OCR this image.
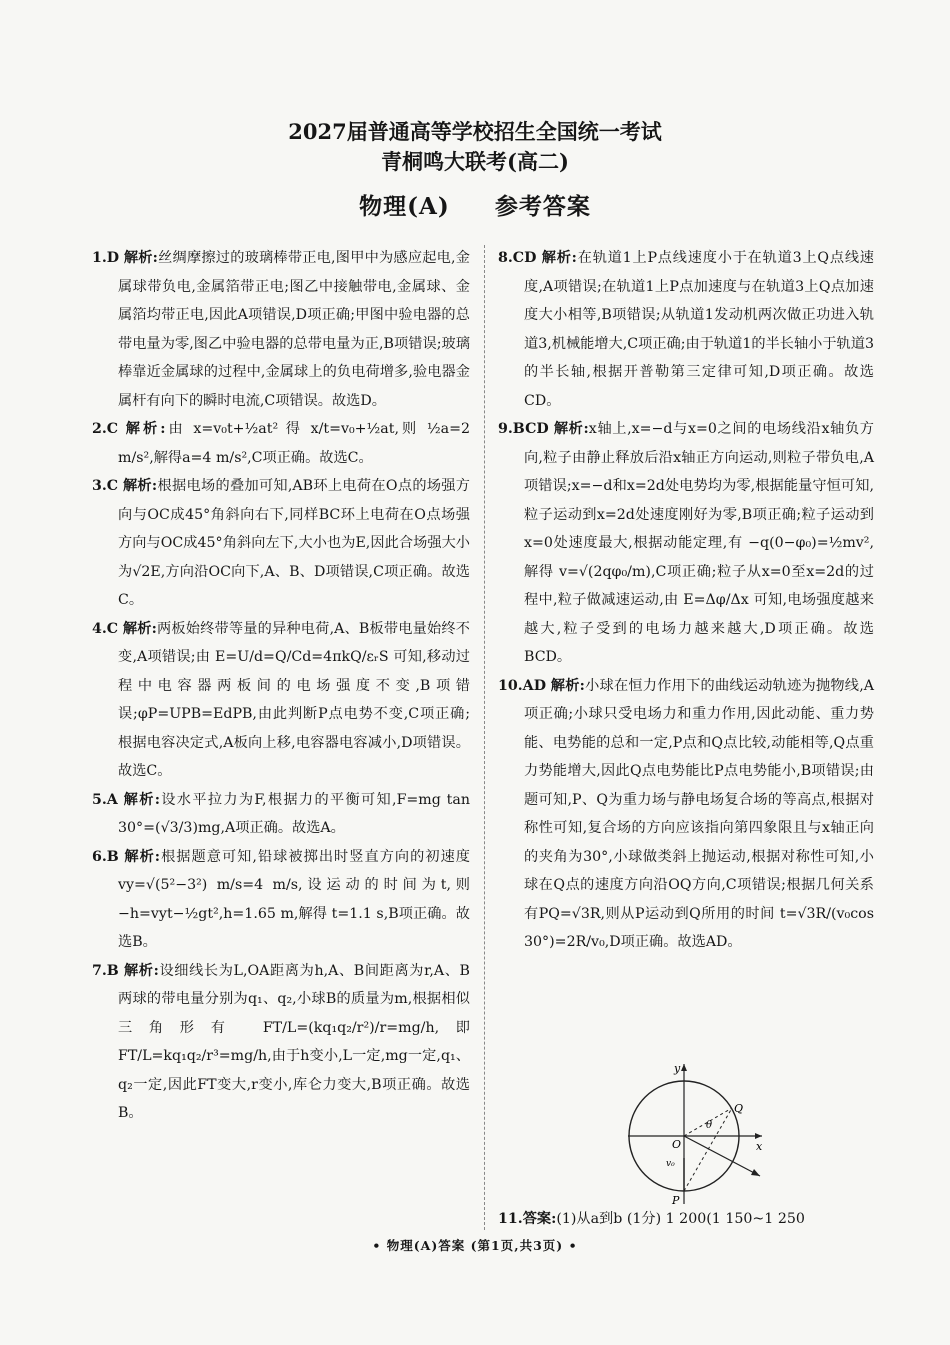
2027届普通高等学校招生全国统一考试
青桐鸣大联考(高二)
物理(A) 参考答案

1.D 解析:丝绸摩擦过的玻璃棒带正电,图甲中为感应起电,金属球带负电,金属箔带正电;图乙中接触带电,金属球、金属箔均带正电,因此A项错误,D项正确;甲图中验电器的总带电量为零,图乙中验电器的总带电量为正,B项错误;玻璃棒靠近金属球的过程中,金属球上的负电荷增多,验电器金属杆有向下的瞬时电流,C项错误。故选D。

2.C 解析:由 x=v₀t+½at² 得 x/t=v₀+½at,则 ½a=2 m/s²,解得a=4 m/s²,C项正确。故选C。

3.C 解析:根据电场的叠加可知,AB环上电荷在O点的场强方向与OC成45°角斜向右下,同样BC环上电荷在O点场强方向与OC成45°角斜向左下,大小也为E,因此合场强大小为√2E,方向沿OC向下,A、B、D项错误,C项正确。故选C。

4.C 解析:两板始终带等量的异种电荷,A、B板带电量始终不变,A项错误;由 E=U/d=Q/Cd=4πkQ/εᵣS 可知,移动过程中电容器两板间的电场强度不变,B项错误;φP=UPB=EdPB,由此判断P点电势不变,C项正确;根据电容决定式,A板向上移,电容器电容减小,D项错误。故选C。

5.A 解析:设水平拉力为F,根据力的平衡可知,F=mg tan 30°=(√3/3)mg,A项正确。故选A。

6.B 解析:根据题意可知,铅球被掷出时竖直方向的初速度 vy=√(5²−3²) m/s=4 m/s,设运动的时间为t,则 −h=vyt−½gt²,h=1.65 m,解得 t=1.1 s,B项正确。故选B。

7.B 解析:设细线长为L,OA距离为h,A、B间距离为r,A、B两球的带电量分别为q₁、q₂,小球B的质量为m,根据相似三角形有 FT/L=(kq₁q₂/r²)/r=mg/h,即 FT/L=kq₁q₂/r³=mg/h,由于h变小,L一定,mg一定,q₁、q₂一定,因此FT变大,r变小,库仑力变大,B项正确。故选B。

8.CD 解析:在轨道1上P点线速度小于在轨道3上Q点线速度,A项错误;在轨道1上P点加速度与在轨道3上Q点加速度大小相等,B项错误;从轨道1发动机两次做正功进入轨道3,机械能增大,C项正确;由于轨道1的半长轴小于轨道3的半长轴,根据开普勒第三定律可知,D项正确。故选CD。

9.BCD 解析:x轴上,x=−d与x=0之间的电场线沿x轴负方向,粒子由静止释放后沿x轴正方向运动,则粒子带负电,A项错误;x=−d和x=2d处电势均为零,根据能量守恒可知,粒子运动到x=2d处速度刚好为零,B项正确;粒子运动到x=0处速度最大,根据动能定理,有 −q(0−φ₀)=½mv²,解得 v=√(2qφ₀/m),C项正确;粒子从x=0至x=2d的过程中,粒子做减速运动,由 E=Δφ/Δx 可知,电场强度越来越大,粒子受到的电场力越来越大,D项正确。故选BCD。

10.AD 解析:小球在恒力作用下的曲线运动轨迹为抛物线,A项正确;小球只受电场力和重力作用,因此动能、重力势能、电势能的总和一定,P点和Q点比较,动能相等,Q点重力势能增大,因此Q点电势能比P点电势能小,B项错误;由题可知,P、Q为重力场与静电场复合场的等高点,根据对称性可知,复合场的方向应该指向第四象限且与x轴正向的夹角为30°,小球做类斜上抛运动,根据对称性可知,小球在Q点的速度方向沿OQ方向,C项错误;根据几何关系有PQ=√3R,则从P运动到Q所用的时间 t=√3R/(v₀cos 30°)=2R/v₀,D项正确。故选AD。

y
x
O
Q
P
θ
v₀
11.答案:(1)从a到b (1分) 1 200(1 150~1 250
• 物理(A)答案 (第1页,共3页) •
